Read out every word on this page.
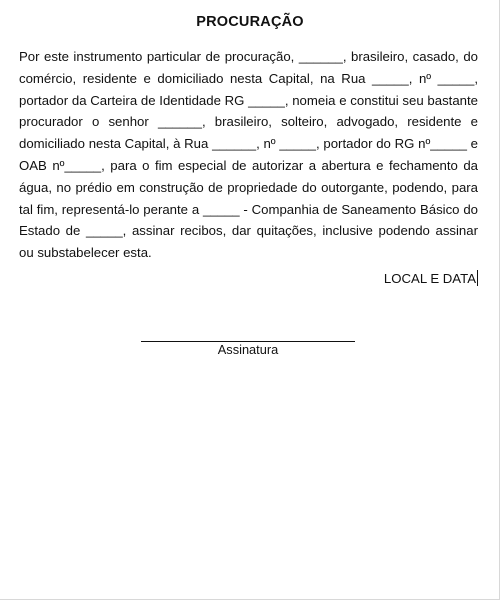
PROCURAÇÃO

Por este instrumento particular de procuração, ______, brasileiro, casado, do comércio, residente e domiciliado nesta Capital, na Rua _____, nº _____, portador da Carteira de Identidade RG _____, nomeia e constitui seu bastante procurador o senhor ______, brasileiro, solteiro, advogado, residente e domiciliado nesta Capital, à Rua ______, nº _____, portador do RG nº_____ e OAB nº_____, para o fim especial de autorizar a abertura e fechamento da água, no prédio em construção de propriedade do outorgante, podendo, para tal fim, representá-lo perante a _____ - Companhia de Saneamento Básico do Estado de _____, assinar recibos, dar quitações, inclusive podendo assinar ou substabelecer esta.

LOCAL E DATA
Assinatura
